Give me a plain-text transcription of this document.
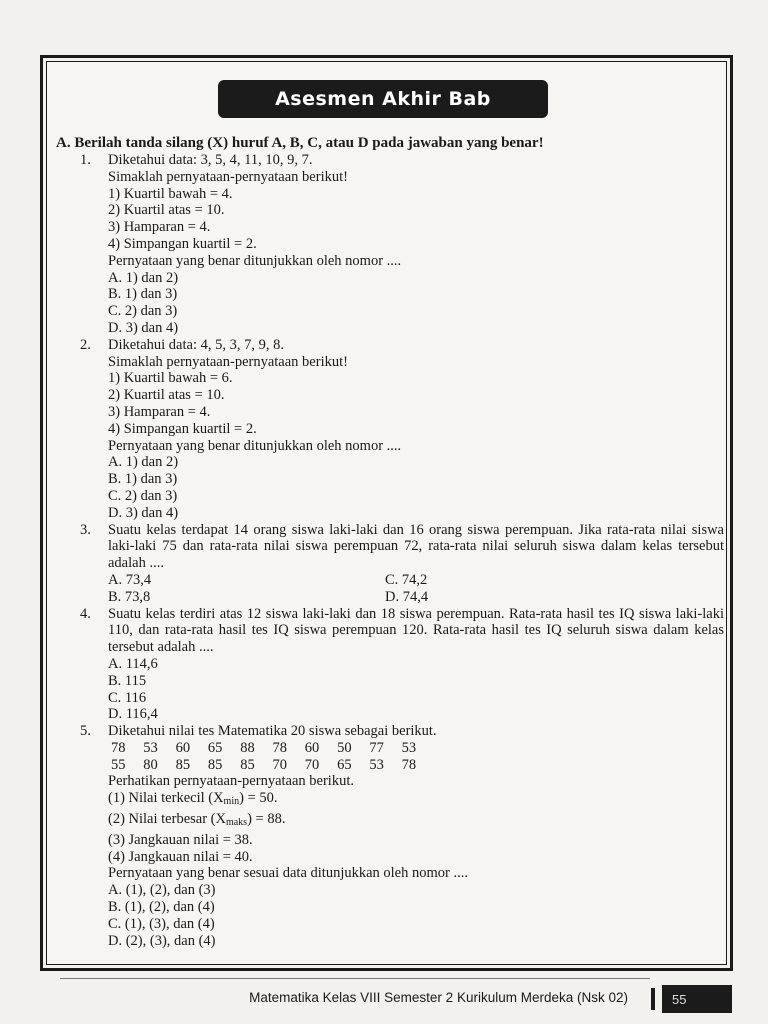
Asesmen Akhir Bab
A. Berilah tanda silang (X) huruf A, B, C, atau D pada jawaban yang benar!
1.	Diketahui data: 3, 5, 4, 11, 10, 9, 7.
Simaklah pernyataan-pernyataan berikut!
1) Kuartil bawah = 4.
2) Kuartil atas = 10.
3) Hamparan = 4.
4) Simpangan kuartil = 2.
Pernyataan yang benar ditunjukkan oleh nomor ....
A. 1) dan 2)
B. 1) dan 3)
C. 2) dan 3)
D. 3) dan 4)
2.	Diketahui data: 4, 5, 3, 7, 9, 8.
Simaklah pernyataan-pernyataan berikut!
1) Kuartil bawah = 6.
2) Kuartil atas = 10.
3) Hamparan = 4.
4) Simpangan kuartil = 2.
Pernyataan yang benar ditunjukkan oleh nomor ....
A. 1) dan 2)
B. 1) dan 3)
C. 2) dan 3)
D. 3) dan 4)
3.	Suatu kelas terdapat 14 orang siswa laki-laki dan 16 orang siswa perempuan. Jika rata-rata nilai siswa laki-laki 75 dan rata-rata nilai siswa perempuan 72, rata-rata nilai seluruh siswa dalam kelas tersebut adalah ....
A. 73,4	C. 74,2
B. 73,8	D. 74,4
4.	Suatu kelas terdiri atas 12 siswa laki-laki dan 18 siswa perempuan. Rata-rata hasil tes IQ siswa laki-laki 110, dan rata-rata hasil tes IQ siswa perempuan 120. Rata-rata hasil tes IQ seluruh siswa dalam kelas tersebut adalah ....
A. 114,6
B. 115
C. 116
D. 116,4
5.	Diketahui nilai tes Matematika 20 siswa sebagai berikut.
78	53	60	65	88	78	60	50	77	53
55	80	85	85	85	70	70	65	53	78
Perhatikan pernyataan-pernyataan berikut.
(1) Nilai terkecil $(X_{min}) = 50$.
(2) Nilai terbesar $(X_{maks}) = 88$.
(3) Jangkauan nilai = 38.
(4) Jangkauan nilai = 40.
Pernyataan yang benar sesuai data ditunjukkan oleh nomor ....
A. (1), (2), dan (3)
B. (1), (2), dan (4)
C. (1), (3), dan (4)
D. (2), (3), dan (4)
Matematika Kelas VIII Semester 2 Kurikulum Merdeka (Nsk 02)	55
